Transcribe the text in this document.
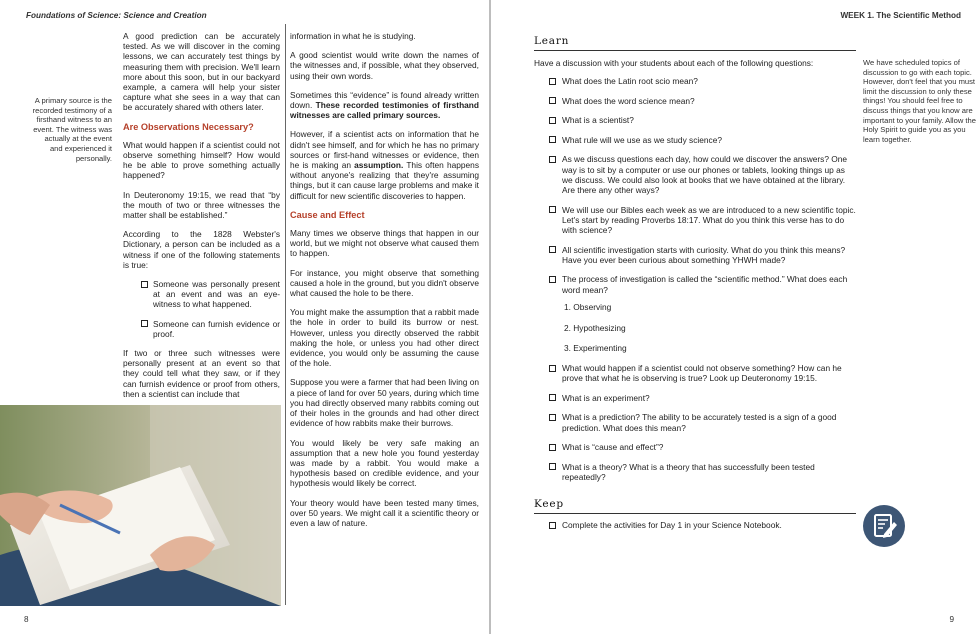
Foundations of Science: Science and Creation
A primary source is the recorded testimony of a firsthand witness to an event. The witness was actually at the event and experienced it personally.

A good prediction can be accurately tested. As we will discover in the coming lessons, we can accurately test things by measuring them with precision. We'll learn more about this soon, but in our backyard example, a camera will help your sister capture what she sees in a way that can be accurately shared with others later.

Are Observations Necessary?

What would happen if a scientist could not observe something himself? How would he be able to prove something actually happened?

In Deuteronomy 19:15, we read that “by the mouth of two or three witnesses the matter shall be established.”

According to the 1828 Webster's Dictionary, a person can be included as a witness if one of the following statements is true:

Someone was personally present at an event and was an eye-witness to what happened.
Someone can furnish evidence or proof.

If two or three such witnesses were personally present at an event so that they could tell what they saw, or if they can furnish evidence or proof from others, then a scientist can include that

information in what he is studying.

A good scientist would write down the names of the witnesses and, if possible, what they observed, using their own words.

Sometimes this “evidence” is found already written down. These recorded testimonies of firsthand witnesses are called primary sources.

However, if a scientist acts on information that he didn't see himself, and for which he has no primary sources or first-hand witnesses or evidence, then he is making an assumption. This often happens without anyone's realizing that they're assuming things, but it can cause large problems and make it difficult for new scientific discoveries to happen.

Cause and Effect

Many times we observe things that happen in our world, but we might not observe what caused them to happen.

For instance, you might observe that something caused a hole in the ground, but you didn't observe what caused the hole to be there.

You might make the assumption that a rabbit made the hole in order to build its burrow or nest. However, unless you directly observed the rabbit making the hole, or unless you had other direct evidence, you would only be assuming the cause of the hole.

Suppose you were a farmer that had been living on a piece of land for over 50 years, during which time you had directly observed many rabbits coming out of their holes in the grounds and had other direct evidence of how rabbits make their burrows.

You would likely be very safe making an assumption that a new hole you found yesterday was made by a rabbit. You would make a hypothesis based on credible evidence, and your hypothesis would likely be correct.

Your theory would have been tested many times, over 50 years. We might call it a scientific theory or even a law of nature.

8
WEEK 1. The Scientific Method
Learn
Have a discussion with your students about each of the following questions:
What does the Latin root scio mean?
What does the word science mean?
What is a scientist?
What rule will we use as we study science?
As we discuss questions each day, how could we discover the answers? One way is to sit by a computer or use our phones or tablets, looking things up as we discuss. We could also look at books that we have obtained at the library. Are there any other ways?
We will use our Bibles each week as we are introduced to a new scientific topic. Let's start by reading Proverbs 18:17. What do you think this verse has to do with science?
All scientific investigation starts with curiosity. What do you think this means? Have you ever been curious about something YHWH made?
The process of investigation is called the “scientific method.” What does each word mean?
1. Observing
2. Hypothesizing
3. Experimenting
What would happen if a scientist could not observe something? How can he prove that what he is observing is true? Look up Deuteronomy 19:15.
What is an experiment?
What is a prediction? The ability to be accurately tested is a sign of a good prediction. What does this mean?
What is “cause and effect”?
What is a theory? What is a theory that has successfully been tested repeatedly?
Keep
Complete the activities for Day 1 in your Science Notebook.
We have scheduled topics of discussion to go with each topic. However, don't feel that you must limit the discussion to only these things! You should feel free to discuss things that you know are important to your family. Allow the Holy Spirit to guide you as you learn together.
9
